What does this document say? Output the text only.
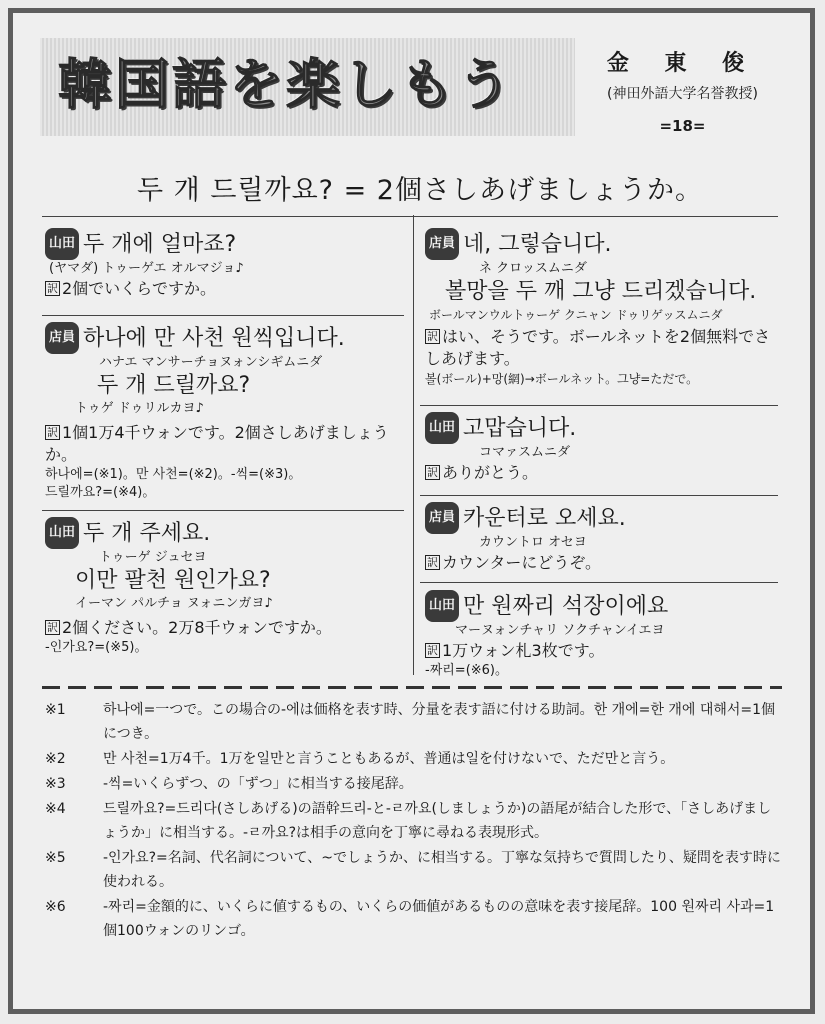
韓国語を楽しもう	金 東 俊
(神田外語大学名誉教授)
=18=
두 개 드릴까요? = 2個さしあげましょうか。
山田 두 개에 얼마죠?
(ヤマダ) トゥーゲエ オルマジョ♪
訳 2個でいくらですか。
店員 하나에 만 사천 원씩입니다.
ハナエ マンサーチョヌォンシギムニダ
두 개 드릴까요?
トゥゲ ドゥリルカヨ♪
訳 1個1万4千ウォンです。2個さしあげましょうか。
하나에=(※1)。만 사천=(※2)。-씩=(※3)。
드릴까요?=(※4)。
山田 두 개 주세요.
トゥーゲ ジュセヨ
이만 팔천 원인가요?
イーマン パルチョ ヌォニンガヨ♪
訳 2個ください。2万8千ウォンですか。
-인가요?=(※5)。
店員 네, 그렇습니다.
ネ クロッスムニダ
볼망을 두 깨 그냥 드리겠습니다.
ボールマンウルトゥーゲ クニャン ドゥリゲッスムニダ
訳 はい、そうです。ボールネットを2個無料でさしあげます。
볼(ボール)+망(網)→ボールネット。그냥=ただで。
山田 고맙습니다.
コマァスムニダ
訳 ありがとう。
店員 카운터로 오세요.
カウントロ オセヨ
訳 カウンターにどうぞ。
山田 만 원짜리 석장이에요
マーヌォンチャリ ソクチャンイエヨ
訳 1万ウォン札3枚です。
-짜리=(※6)。
※1	하나에=一つで。この場合の-에は価格を表す時、分量を表す語に付ける助詞。한 개에=한 개에 대해서=1個につき。
※2	만 사천=1万4千。1万を일만と言うこともあるが、普通は일を付けないで、ただ만と言う。
※3	-씩=いくらずつ、の「ずつ」に相当する接尾辞。
※4	드릴까요?=드리다(さしあげる)の語幹드리-と-ㄹ까요(しましょうか)の語尾が結合した形で、「さしあげましょうか」に相当する。-ㄹ까요?は相手の意向を丁寧に尋ねる表現形式。
※5	-인가요?=名詞、代名詞について、~でしょうか、に相当する。丁寧な気持ちで質問したり、疑問を表す時に使われる。
※6	-짜리=金額的に、いくらに値するもの、いくらの価値があるものの意味を表す接尾辞。100 원짜리 사과=1個100ウォンのリンゴ。
